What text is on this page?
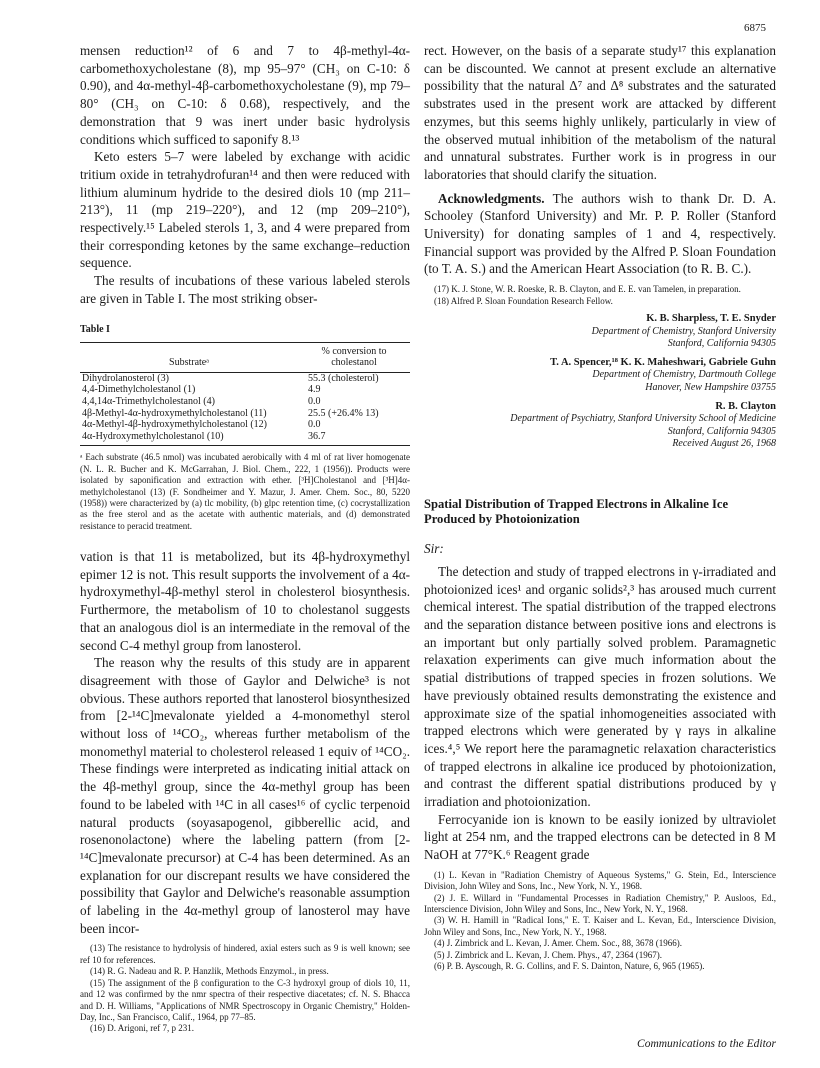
6875

mensen reduction¹² of 6 and 7 to 4β-methyl-4α-carbomethoxycholestane (8), mp 95–97° (CH₃ on C-10: δ 0.90), and 4α-methyl-4β-carbomethoxycholestane (9), mp 79–80° (CH₃ on C-10: δ 0.68), respectively, and the demonstration that 9 was inert under basic hydrolysis conditions which sufficed to saponify 8.¹³

Keto esters 5–7 were labeled by exchange with acidic tritium oxide in tetrahydrofuran¹⁴ and then were reduced with lithium aluminum hydride to the desired diols 10 (mp 211–213°), 11 (mp 219–220°), and 12 (mp 209–210°), respectively.¹⁵ Labeled sterols 1, 3, and 4 were prepared from their corresponding ketones by the same exchange–reduction sequence.

The results of incubations of these various labeled sterols are given in Table I. The most striking obser-

Table I
Substrateᵃ	% conversion to cholestanol
Dihydrolanosterol (3)	55.3 (cholesterol)
4,4-Dimethylcholestanol (1)	4.9
4,4,14α-Trimethylcholestanol (4)	0.0
4β-Methyl-4α-hydroxymethylcholestanol (11)	25.5 (+26.4% 13)
4α-Methyl-4β-hydroxymethylcholestanol (12)	0.0
4α-Hydroxymethylcholestanol (10)	36.7
ᵃ Each substrate (46.5 nmol) was incubated aerobically with 4 ml of rat liver homogenate (N. L. R. Bucher and K. McGarrahan, J. Biol. Chem., 222, 1 (1956)). Products were isolated by saponification and extraction with ether. [³H]Cholestanol and [³H]4α-methylcholestanol (13) (F. Sondheimer and Y. Mazur, J. Amer. Chem. Soc., 80, 5220 (1958)) were characterized by (a) tlc mobility, (b) glpc retention time, (c) cocrystallization as the free sterol and as the acetate with authentic materials, and (d) demonstrated resistance to peracid treatment.

vation is that 11 is metabolized, but its 4β-hydroxymethyl epimer 12 is not. This result supports the involvement of a 4α-hydroxymethyl-4β-methyl sterol in cholesterol biosynthesis. Furthermore, the metabolism of 10 to cholestanol suggests that an analogous diol is an intermediate in the removal of the second C-4 methyl group from lanosterol.

The reason why the results of this study are in apparent disagreement with those of Gaylor and Delwiche³ is not obvious. These authors reported that lanosterol biosynthesized from [2-¹⁴C]mevalonate yielded a 4-monomethyl sterol without loss of ¹⁴CO₂, whereas further metabolism of the monomethyl material to cholesterol released 1 equiv of ¹⁴CO₂. These findings were interpreted as indicating initial attack on the 4β-methyl group, since the 4α-methyl group has been found to be labeled with ¹⁴C in all cases¹⁶ of cyclic terpenoid natural products (soyasapogenol, gibberellic acid, and rosenonolactone) where the labeling pattern (from [2-¹⁴C]mevalonate precursor) at C-4 has been determined. As an explanation for our discrepant results we have considered the possibility that Gaylor and Delwiche's reasonable assumption of labeling in the 4α-methyl group of lanosterol may have been incor-

(13) The resistance to hydrolysis of hindered, axial esters such as 9 is well known; see ref 10 for references.

(14) R. G. Nadeau and R. P. Hanzlik, Methods Enzymol., in press.

(15) The assignment of the β configuration to the C-3 hydroxyl group of diols 10, 11, and 12 was confirmed by the nmr spectra of their respective diacetates; cf. N. S. Bhacca and D. H. Williams, "Applications of NMR Spectroscopy in Organic Chemistry," Holden-Day, Inc., San Francisco, Calif., 1964, pp 77–85.

(16) D. Arigoni, ref 7, p 231.

rect. However, on the basis of a separate study¹⁷ this explanation can be discounted. We cannot at present exclude an alternative possibility that the natural Δ⁷ and Δ⁸ substrates and the saturated substrates used in the present work are attacked by different enzymes, but this seems highly unlikely, particularly in view of the observed mutual inhibition of the metabolism of the natural and unnatural substrates. Further work is in progress in our laboratories that should clarify the situation.

Acknowledgments. The authors wish to thank Dr. D. A. Schooley (Stanford University) and Mr. P. P. Roller (Stanford University) for donating samples of 1 and 4, respectively. Financial support was provided by the Alfred P. Sloan Foundation (to T. A. S.) and the American Heart Association (to R. B. C.).

(17) K. J. Stone, W. R. Roeske, R. B. Clayton, and E. E. van Tamelen, in preparation.

(18) Alfred P. Sloan Foundation Research Fellow.

K. B. Sharpless, T. E. Snyder
Department of Chemistry, Stanford University
Stanford, California 94305
T. A. Spencer,¹⁸ K. K. Maheshwari, Gabriele Guhn
Department of Chemistry, Dartmouth College
Hanover, New Hampshire 03755
R. B. Clayton
Department of Psychiatry, Stanford University School of Medicine
Stanford, California 94305
Received August 26, 1968
Spatial Distribution of Trapped Electrons in Alkaline Ice Produced by Photoionization
Sir:

The detection and study of trapped electrons in γ-irradiated and photoionized ices¹ and organic solids²,³ has aroused much current chemical interest. The spatial distribution of the trapped electrons and the separation distance between positive ions and electrons is an important but only partially solved problem. Paramagnetic relaxation experiments can give much information about the spatial distributions of trapped species in frozen solutions. We have previously obtained results demonstrating the existence and approximate size of the spatial inhomogeneities associated with trapped electrons which were generated by γ rays in alkaline ices.⁴,⁵ We report here the paramagnetic relaxation characteristics of trapped electrons in alkaline ice produced by photoionization, and contrast the different spatial distributions produced by γ irradiation and photoionization.

Ferrocyanide ion is known to be easily ionized by ultraviolet light at 254 nm, and the trapped electrons can be detected in 8 M NaOH at 77°K.⁶ Reagent grade

(1) L. Kevan in "Radiation Chemistry of Aqueous Systems," G. Stein, Ed., Interscience Division, John Wiley and Sons, Inc., New York, N. Y., 1968.

(2) J. E. Willard in "Fundamental Processes in Radiation Chemistry," P. Ausloos, Ed., Interscience Division, John Wiley and Sons, Inc., New York, N. Y., 1968.

(3) W. H. Hamill in "Radical Ions," E. T. Kaiser and L. Kevan, Ed., Interscience Division, John Wiley and Sons, Inc., New York, N. Y., 1968.

(4) J. Zimbrick and L. Kevan, J. Amer. Chem. Soc., 88, 3678 (1966).

(5) J. Zimbrick and L. Kevan, J. Chem. Phys., 47, 2364 (1967).

(6) P. B. Ayscough, R. G. Collins, and F. S. Dainton, Nature, 6, 965 (1965).

Communications to the Editor
